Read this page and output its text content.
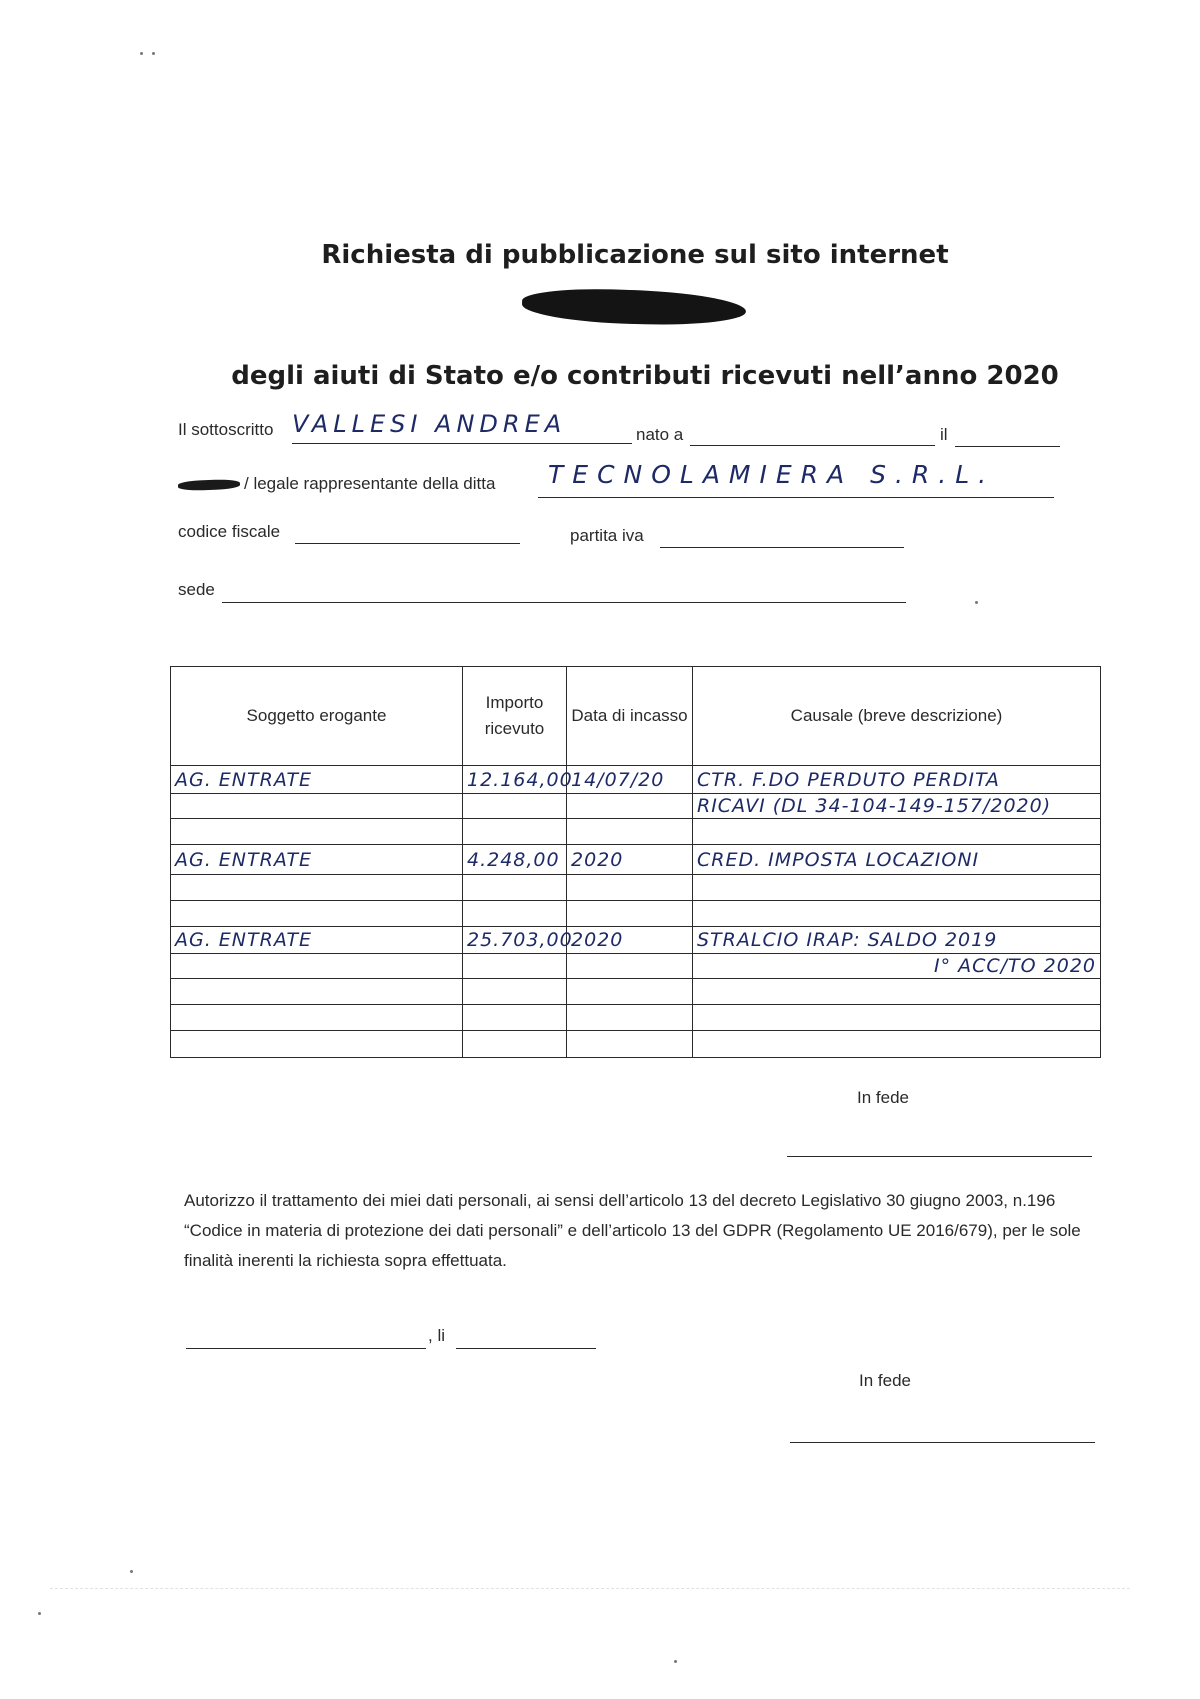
Richiesta di pubblicazione sul sito internet
degli aiuti di Stato e/o contributi ricevuti nell’anno 2020
Il sottoscritto VALLESI ANDREA	nato a	il
/ legale rappresentante della ditta TECNOLAMIERA S.R.L.
codice fiscale	partita iva
sede
Soggetto erogante	Importo ricevuto	Data di incasso	Causale (breve descrizione)
AG. ENTRATE	12.164,00	14/07/20	CTR. F.DO PERDUTO PERDITA
			RICAVI (DL 34-104-149-157/2020)

AG. ENTRATE	4.248,00	2020	CRED. IMPOSTA LOCAZIONI

AG. ENTRATE	25.703,00	2020	STRALCIO IRAP: SALDO 2019
			I° ACC/TO 2020

In fede
Autorizzo il trattamento dei miei dati personali, ai sensi dell’articolo 13 del decreto Legislativo 30 giugno 2003, n.196 “Codice in materia di protezione dei dati personali” e dell’articolo 13 del GDPR (Regolamento UE 2016/679), per le sole finalità inerenti la richiesta sopra effettuata.
, li
In fede
